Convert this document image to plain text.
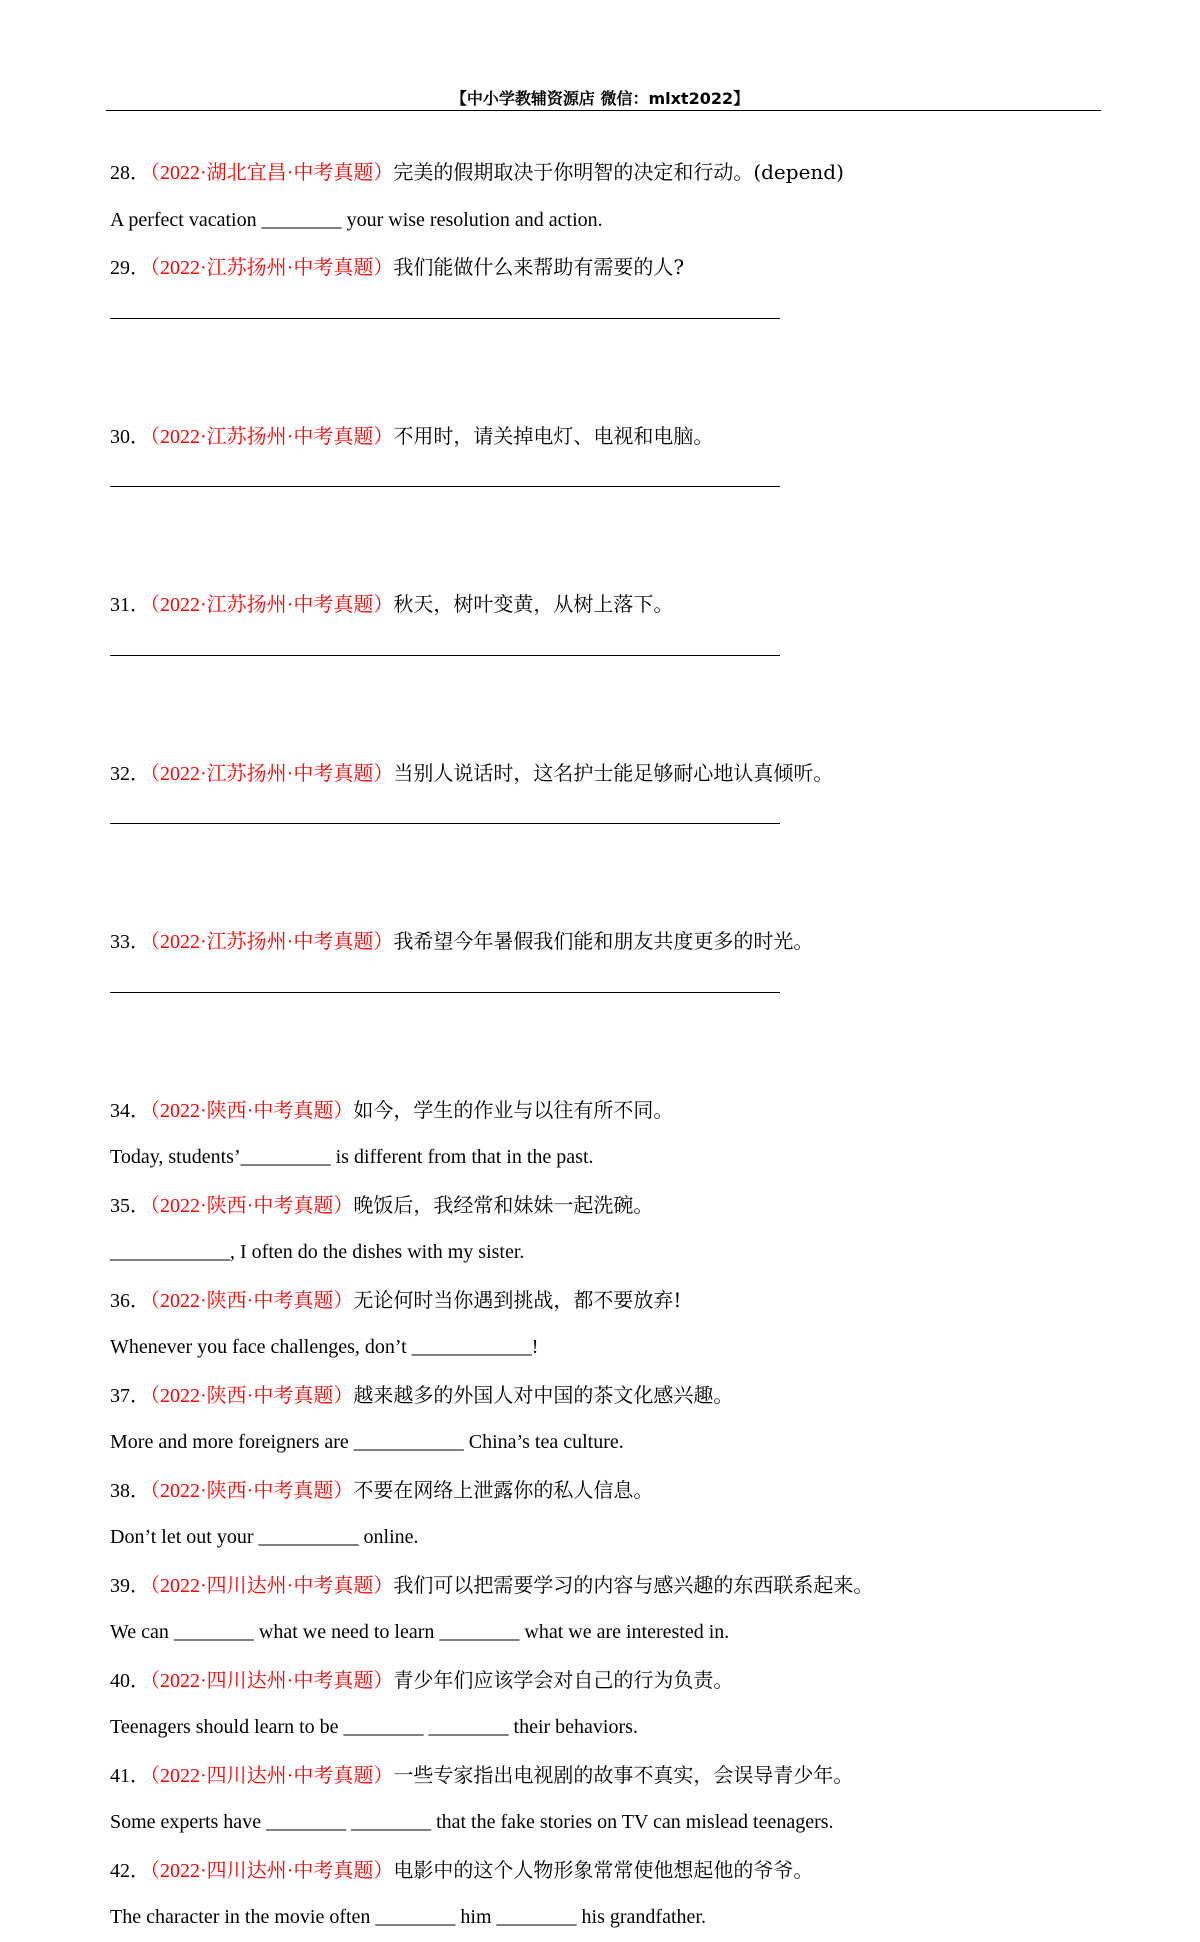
【中小学教辅资源店 微信：mlxt2022】
28．（2022·湖北宜昌·中考真题）完美的假期取决于你明智的决定和行动。(depend)
A perfect vacation ________ your wise resolution and action.
29．（2022·江苏扬州·中考真题）我们能做什么来帮助有需要的人?
30．（2022·江苏扬州·中考真题）不用时，请关掉电灯、电视和电脑。
31．（2022·江苏扬州·中考真题）秋天，树叶变黄，从树上落下。
32．（2022·江苏扬州·中考真题）当别人说话时，这名护士能足够耐心地认真倾听。
33．（2022·江苏扬州·中考真题）我希望今年暑假我们能和朋友共度更多的时光。
34．（2022·陕西·中考真题）如今，学生的作业与以往有所不同。
Today, students’_________ is different from that in the past.
35．（2022·陕西·中考真题）晚饭后，我经常和妹妹一起洗碗。
____________, I often do the dishes with my sister.
36．（2022·陕西·中考真题）无论何时当你遇到挑战，都不要放弃!
Whenever you face challenges, don’t ____________!
37．（2022·陕西·中考真题）越来越多的外国人对中国的茶文化感兴趣。
More and more foreigners are ___________ China’s tea culture.
38．（2022·陕西·中考真题）不要在网络上泄露你的私人信息。
Don’t let out your __________ online.
39．（2022·四川达州·中考真题）我们可以把需要学习的内容与感兴趣的东西联系起来。
We can ________ what we need to learn ________ what we are interested in.
40．（2022·四川达州·中考真题）青少年们应该学会对自己的行为负责。
Teenagers should learn to be ________ ________ their behaviors.
41．（2022·四川达州·中考真题）一些专家指出电视剧的故事不真实，会误导青少年。
Some experts have ________ ________ that the fake stories on TV can mislead teenagers.
42．（2022·四川达州·中考真题）电影中的这个人物形象常常使他想起他的爷爷。
The character in the movie often ________ him ________ his grandfather.
